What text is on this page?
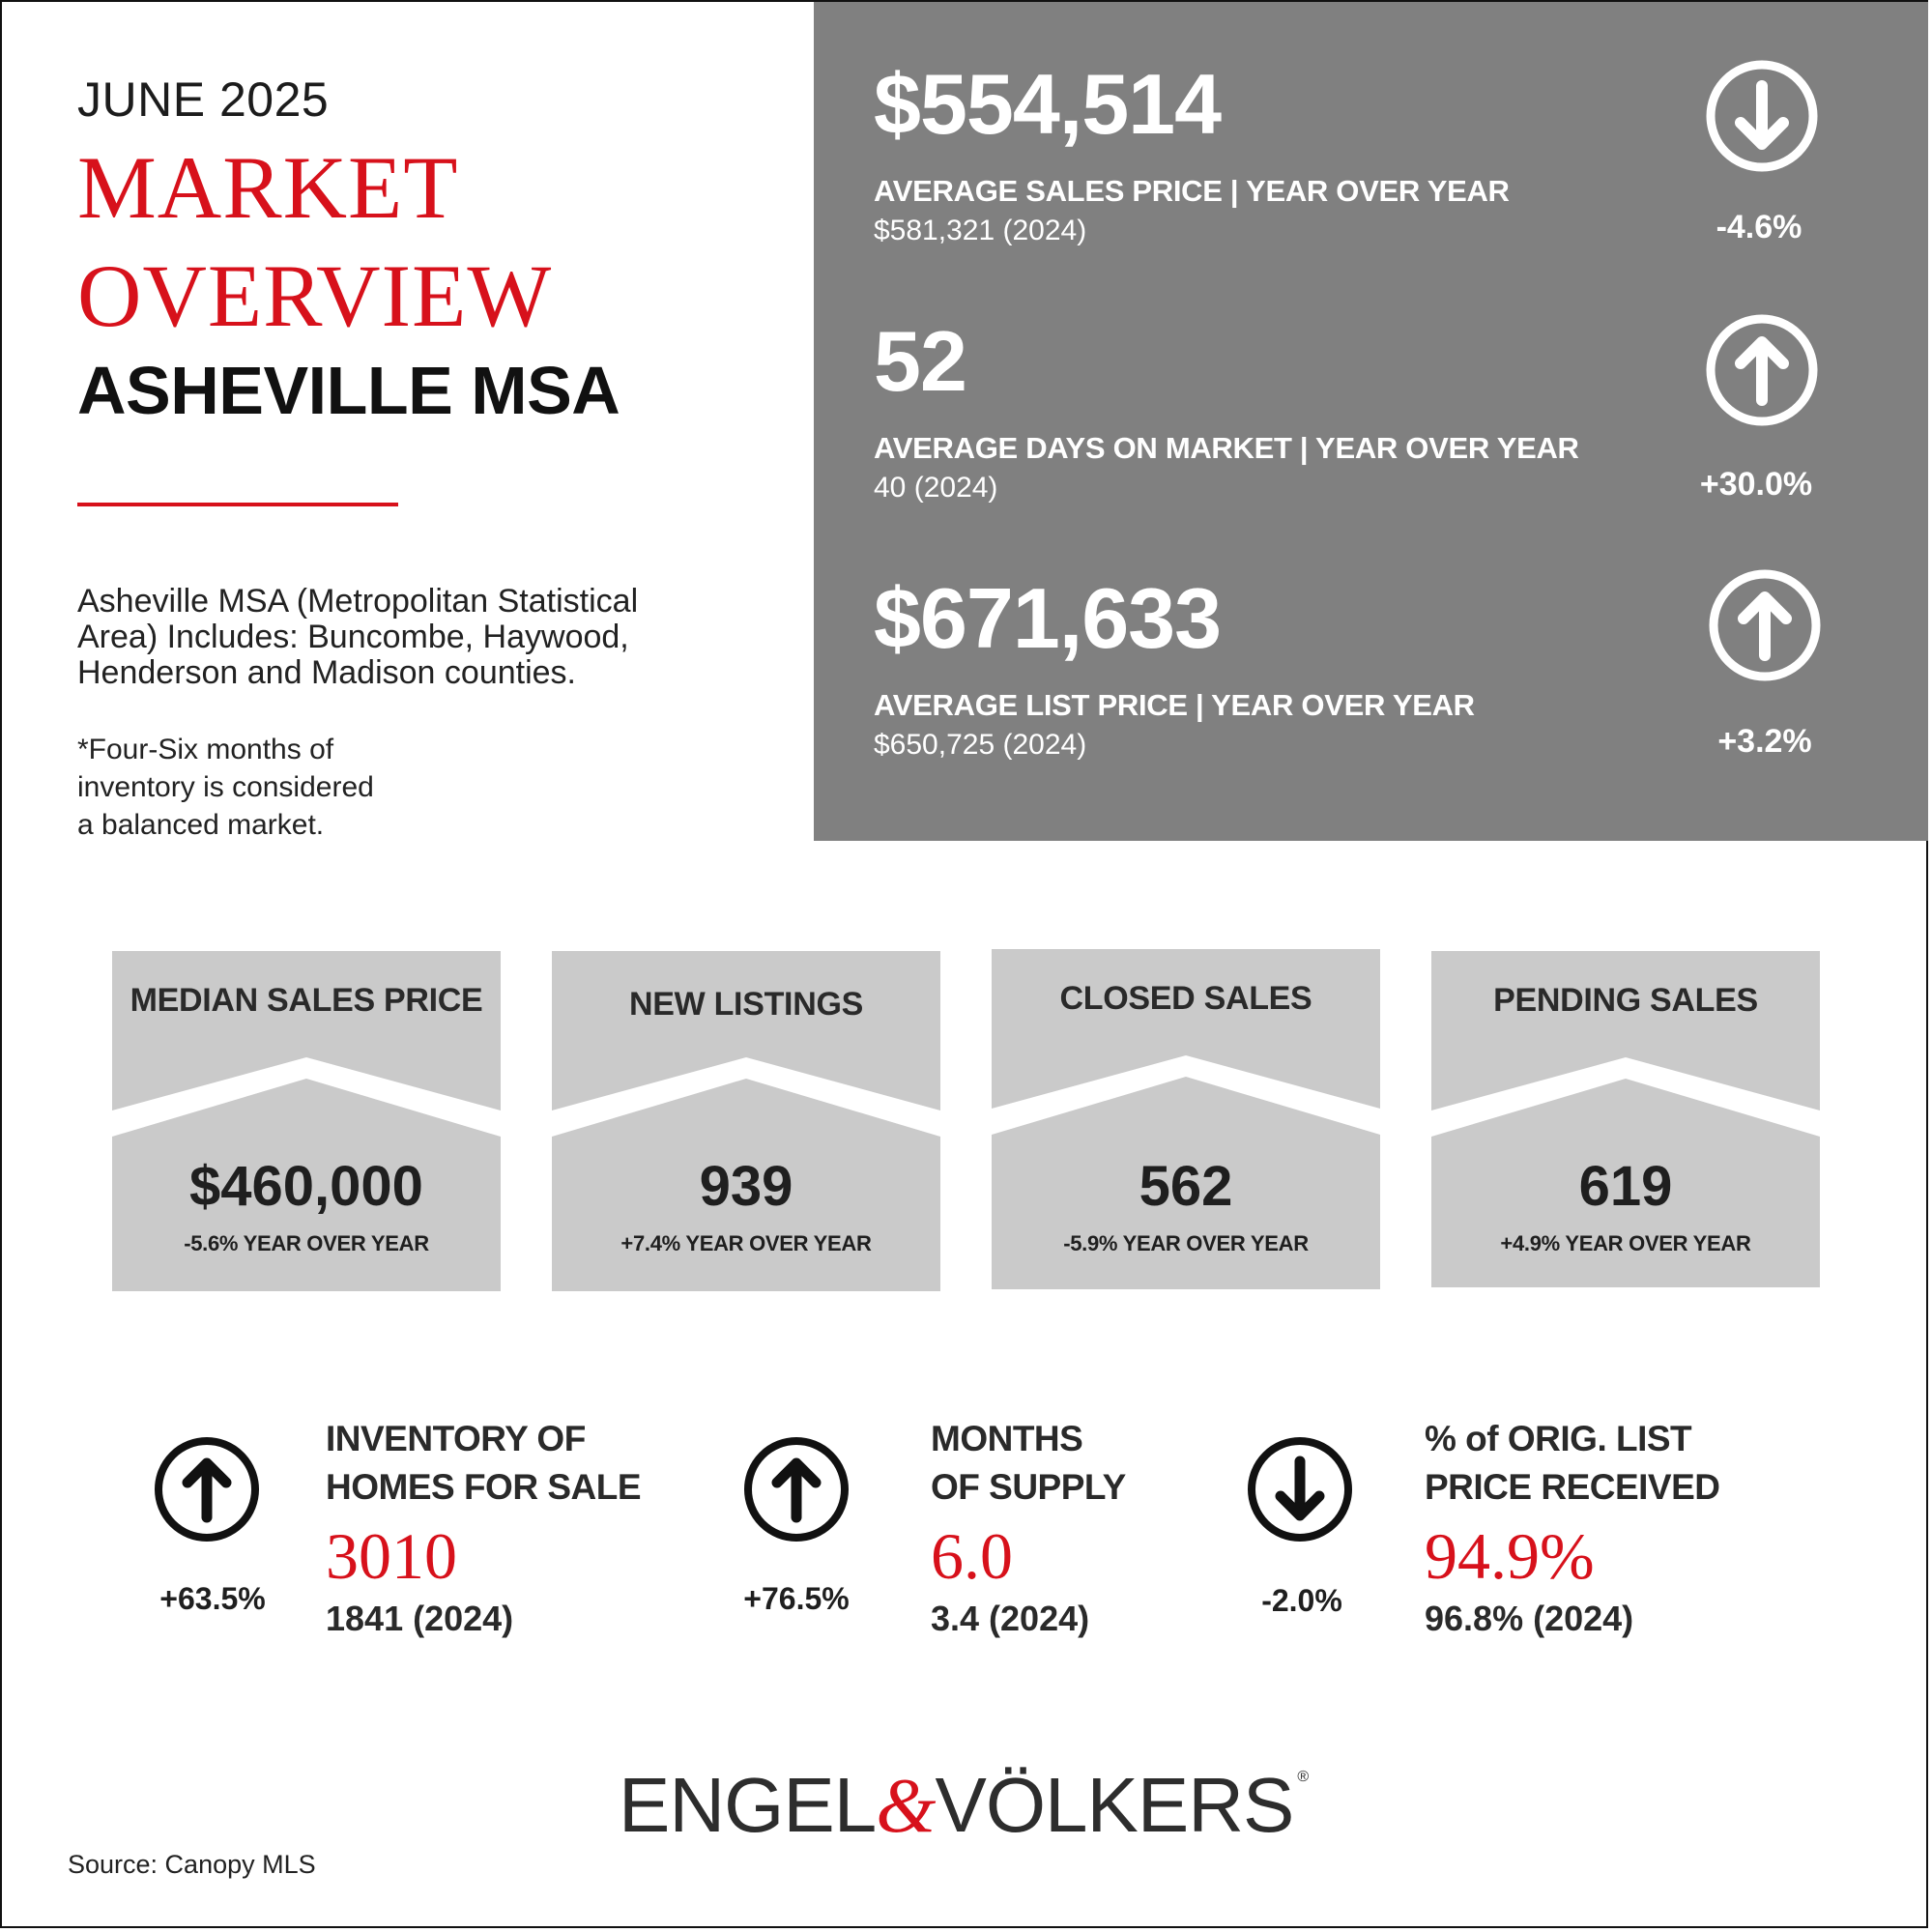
JUNE 2025
MARKET
OVERVIEW
ASHEVILLE MSA
Asheville MSA (Metropolitan Statistical Area) Includes: Buncombe, Haywood, Henderson and Madison counties.
*Four-Six months of
inventory is considered
a balanced market.
$554,514
AVERAGE SALES PRICE | YEAR OVER YEAR
$581,321 (2024)	-4.6%
52
AVERAGE DAYS ON MARKET | YEAR OVER YEAR
40 (2024)	+30.0%
$671,633
AVERAGE LIST PRICE | YEAR OVER YEAR
$650,725 (2024)	+3.2%
MEDIAN SALES PRICE
$460,000
-5.6% YEAR OVER YEAR
NEW LISTINGS
939
+7.4% YEAR OVER YEAR
CLOSED SALES
562
-5.9% YEAR OVER YEAR
PENDING SALES
619
+4.9% YEAR OVER YEAR
+63.5%
INVENTORY OF
HOMES FOR SALE
3010
1841 (2024)	+76.5%
MONTHS
OF SUPPLY
6.0
3.4 (2024)	-2.0%
% of ORIG. LIST
PRICE RECEIVED
94.9%
96.8% (2024)
ENGEL&VÖLKERS ®
Source: Canopy MLS
